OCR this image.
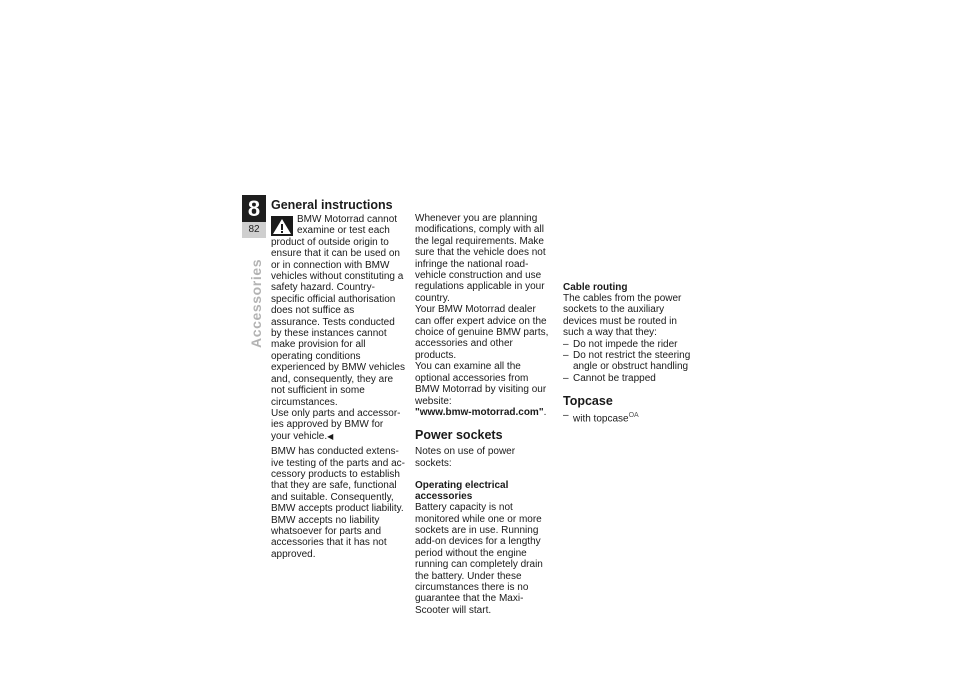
8
82
Accessories
General instructions

BMW Motorrad cannot examine or test each product of outside origin to ensure that it can be used on or in connection with BMW vehicles without constituting a safety hazard. Country-specific official authorisation does not suffice as assurance. Tests conducted by these instances cannot make provision for all operating conditions experienced by BMW vehicles and, consequently, they are not sufficient in some circumstances.

Use only parts and accessories approved by BMW for your vehicle.◀

BMW has conducted extensive testing of the parts and accessory products to establish that they are safe, functional and suitable. Consequently, BMW accepts product liability. BMW accepts no liability whatsoever for parts and accessories that it has not approved.

Whenever you are planning modifications, comply with all the legal requirements. Make sure that the vehicle does not infringe the national road-vehicle construction and use regulations applicable in your country.

Your BMW Motorrad dealer can offer expert advice on the choice of genuine BMW parts, accessories and other products.

You can examine all the optional accessories from BMW Motorrad by visiting our website:

"www.bmw-motorrad.com".

Power sockets

Notes on use of power sockets:

Operating electrical accessories

Battery capacity is not monitored while one or more sockets are in use. Running add-on devices for a lengthy period without the engine running can completely drain the battery. Under these circumstances there is no guarantee that the Maxi-Scooter will start.

Cable routing

The cables from the power sockets to the auxiliary devices must be routed in such a way that they:

– Do not impede the rider
– Do not restrict the steering angle or obstruct handling
– Cannot be trapped
Topcase
– with topcase$^{OA}$
